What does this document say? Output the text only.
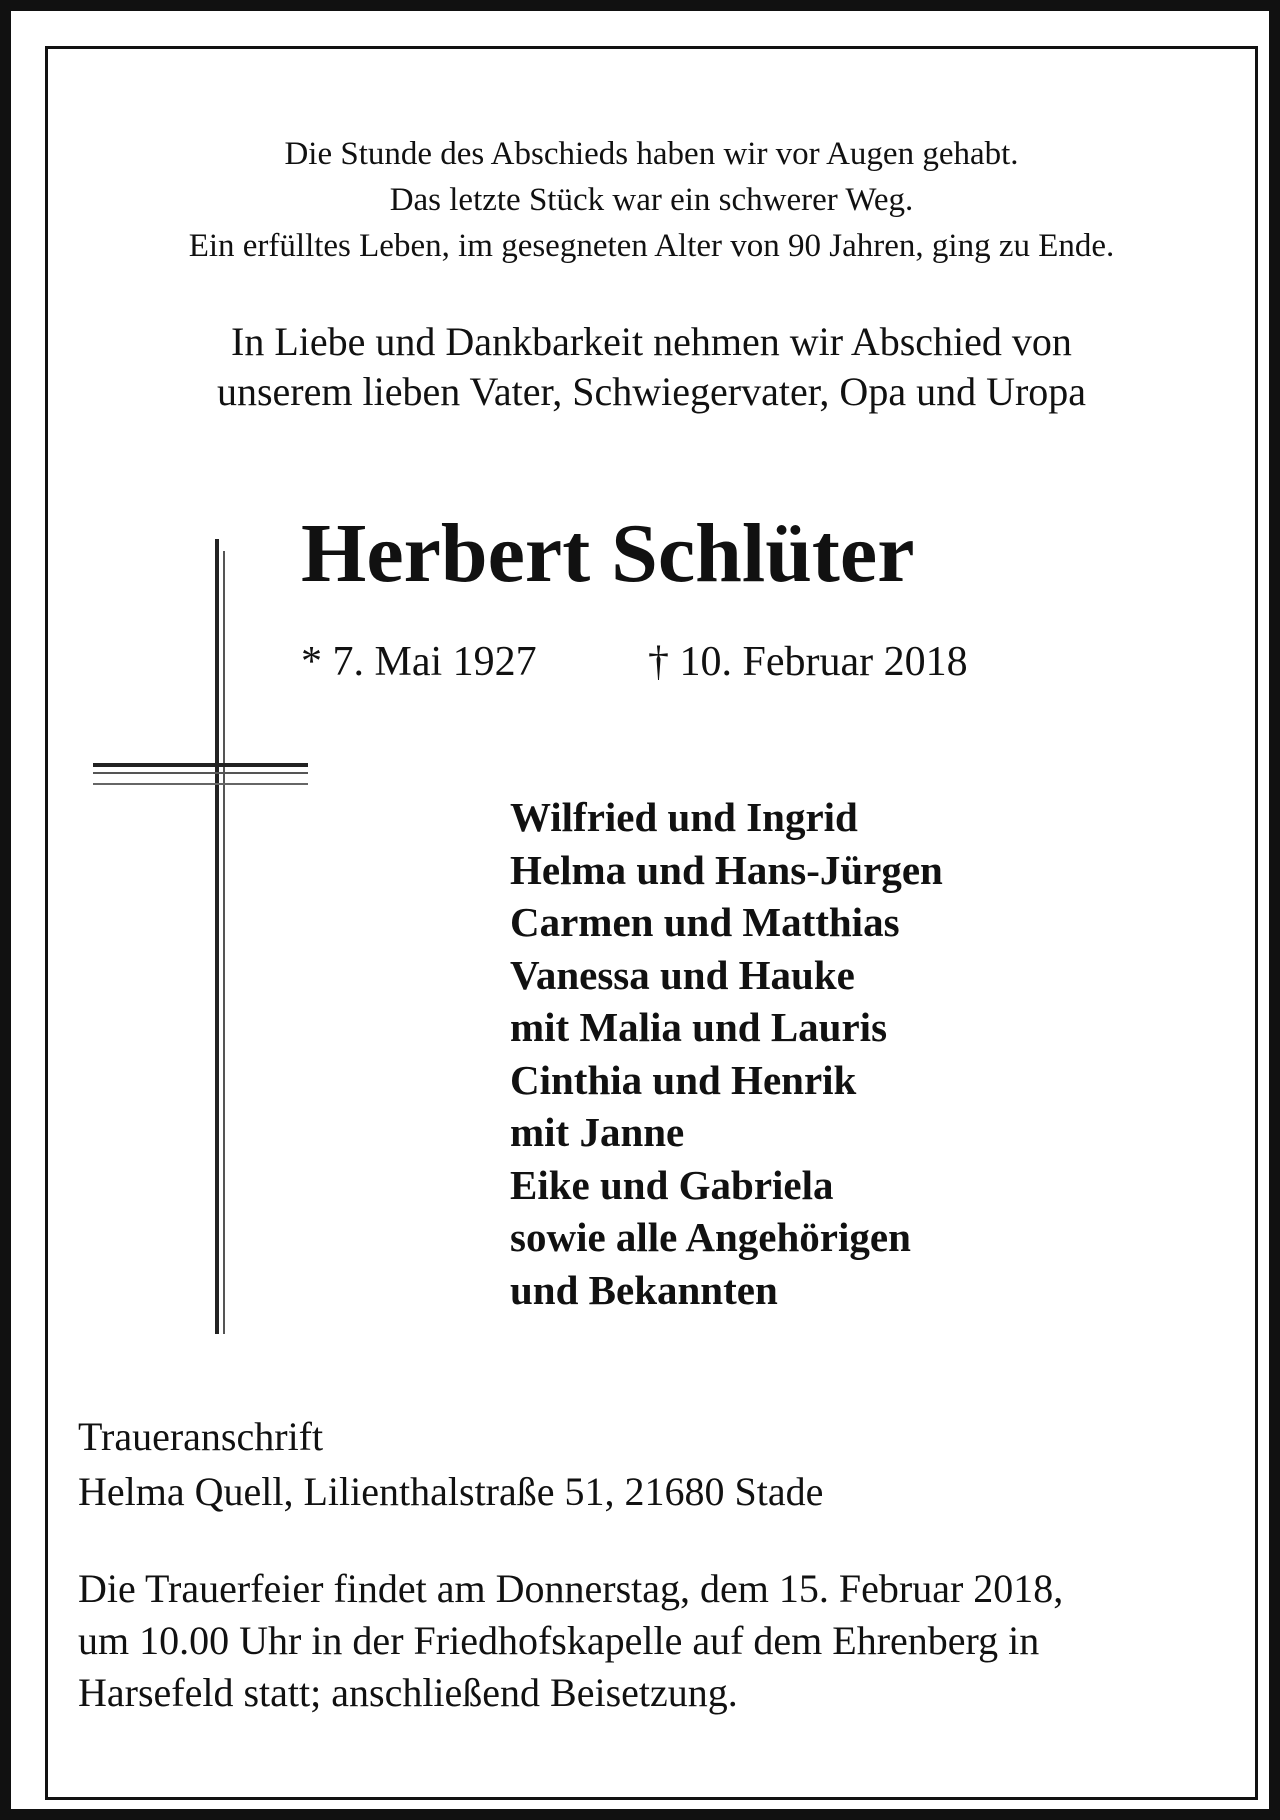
Die Stunde des Abschieds haben wir vor Augen gehabt.
Das letzte Stück war ein schwerer Weg.
Ein erfülltes Leben, im gesegneten Alter von 90 Jahren, ging zu Ende.
In Liebe und Dankbarkeit nehmen wir Abschied von
unserem lieben Vater, Schwiegervater, Opa und Uropa
Herbert Schlüter
* 7. Mai 1927	† 10. Februar 2018
Wilfried und Ingrid
Helma und Hans-Jürgen
Carmen und Matthias
Vanessa und Hauke
mit Malia und Lauris
Cinthia und Henrik
mit Janne
Eike und Gabriela
sowie alle Angehörigen
und Bekannten
Traueranschrift
Helma Quell, Lilienthalstraße 51, 21680 Stade
Die Trauerfeier findet am Donnerstag, dem 15. Februar 2018,
um 10.00 Uhr in der Friedhofskapelle auf dem Ehrenberg in
Harsefeld statt; anschließend Beisetzung.
